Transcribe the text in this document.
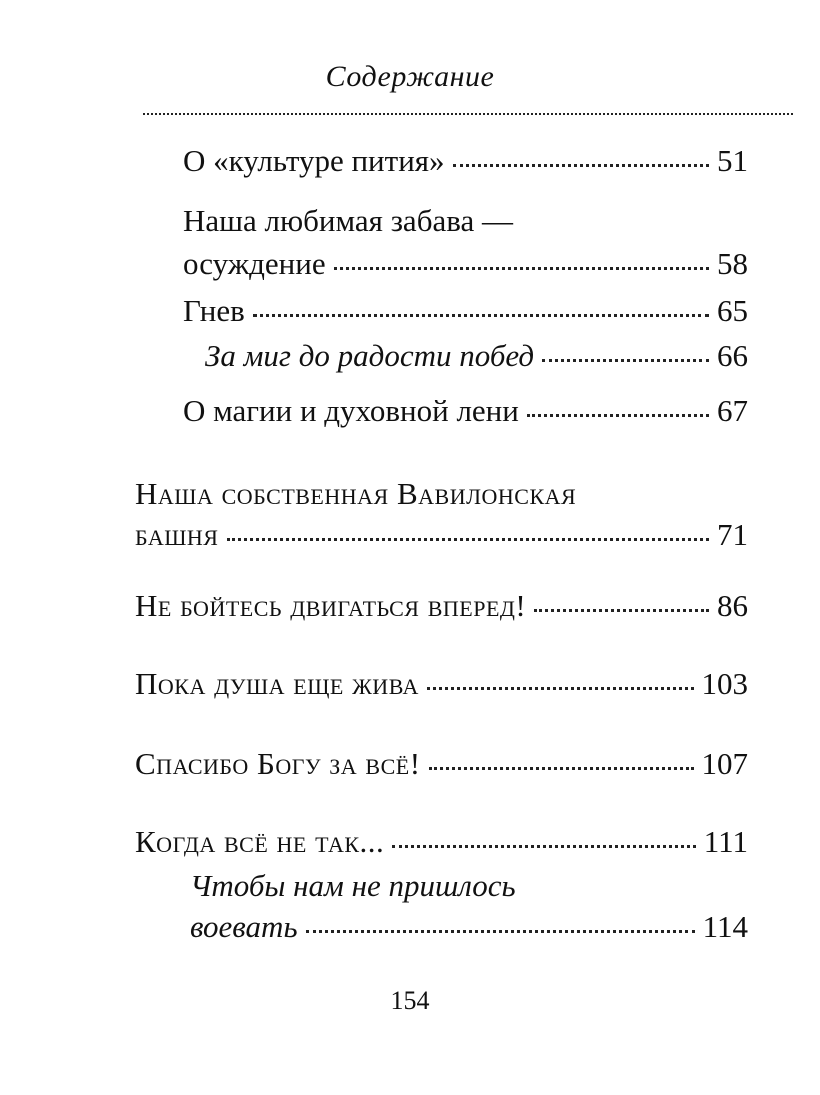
Содержание
О «культуре пития»	51
Наша любимая забава —
осуждение	58
Гнев	65
За миг до радости побед	66
О магии и духовной лени	67
Наша собственная Вавилонская
башня	71
Не бойтесь двигаться вперед!	86
Пока душа еще жива	103
Спасибо Богу за всё!	107
Когда всё не так...	111
Чтобы нам не пришлось
воевать	114
154
